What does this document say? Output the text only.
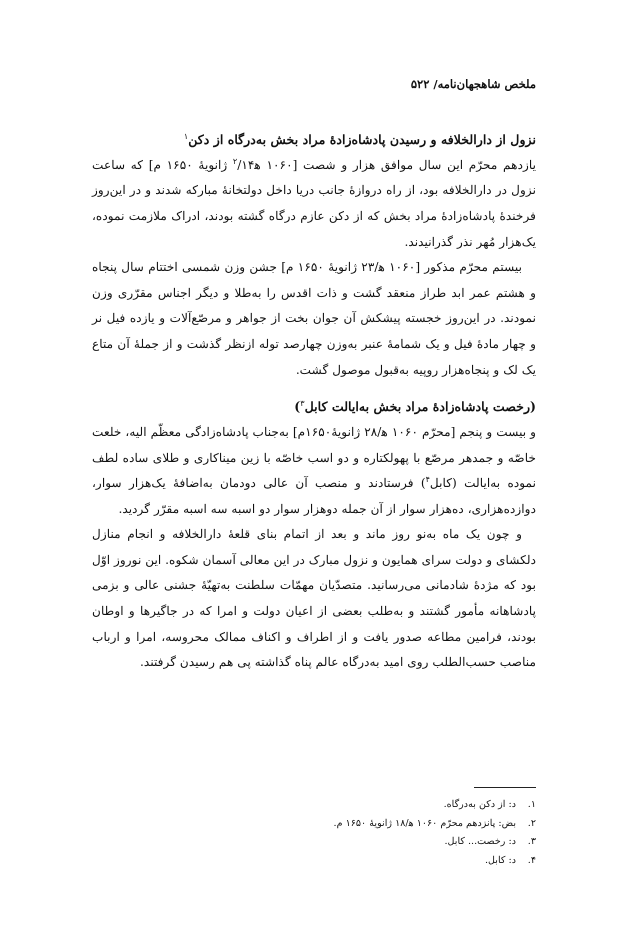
ملخص شاهجهان‌نامه/ ۵۲۲

نزول از دارالخلافه و رسیدن پادشاه‌زادهٔ مراد بخش به‌درگاه از دکن$^۱$

یازدهم محرّم این سال موافق هزار و شصت [۱۰۶۰ ه‍$^۲$/۱۴ ژانویهٔ ۱۶۵۰ م] که ساعت نزول در دارالخلافه بود، از راه دروازهٔ جانب دریا داخل دولتخانهٔ مبارکه شدند و در این‌روز فرخندهٔ پادشاه‌زادهٔ مراد بخش که از دکن عازم درگاه گشته بودند، ادراک ملازمت نموده، یک‌هزار مُهر نذر گذرانیدند.

بیستم محرّم مذکور [۱۰۶۰ ه‍/۲۳ ژانویهٔ ۱۶۵۰ م] جشن وزن شمسی اختتام سال پنجاه و هشتم عمر ابد طراز منعقد گشت و ذات اقدس را به‌طلا و دیگر اجناس مقرّری وزن نمودند. در این‌روز خجسته پیشکش آن جوان بخت از جواهر و مرصّع‌آلات و یازده فیل نر و چهار مادهٔ فیل و یک شمامهٔ عنبر به‌وزن چهارصد توله ازنظر گذشت و از جملهٔ آن متاع یک لک و پنجاه‌هزار روپیه به‌قبول موصول گشت.

(رخصت پادشاه‌زادهٔ مراد بخش به‌ایالت کابل$^۳$)

و بیست و پنجم [محرّم ۱۰۶۰ ه‍/۲۸ ژانویهٔ۱۶۵۰م] به‌جناب پادشاه‌زادگی معظّم الیه، خلعت خاصّه و جمدهر مرصّع با پهولکتاره و دو اسب خاصّه با زین میناکاری و طلای ساده لطف نموده به‌ایالت (کابل$^۴$) فرستادند و منصب آن عالی دودمان به‌اضافهٔ یک‌هزار سوار، دوازده‌هزاری، ده‌هزار سوار از آن جمله دوهزار سوار دو اسبه سه اسبه مقرّر گردید.

و چون یک ماه به‌نو روز ماند و بعد از اتمام بنای قلعهٔ دارالخلافه و انجام منازل دلکشای و دولت سرای همایون و نزول مبارک در این معالی آسمان شکوه. این نوروز اوّل بود که مژدهٔ شادمانی می‌رسانید. متصدّیان مهمّات سلطنت به‌تهیّهٔ جشنی عالی و بزمی پادشاهانه مأمور گشتند و به‌طلب بعضی از اعیان دولت و امرا که در جاگیرها و اوطان بودند، فرامین مطاعه صدور یافت و از اطراف و اکناف ممالک محروسه، امرا و ارباب مناصب حسب‌الطلب روی امید به‌درگاه عالم پناه گذاشته پی هم رسیدن گرفتند.

۱.د: از دکن به‌درگاه.
۲.بض: پانزدهم محرّم ۱۰۶۰ ه‍/۱۸ ژانویهٔ ۱۶۵۰ م.
۳.د: رخصت... کابل.
۴.د: کابل.
